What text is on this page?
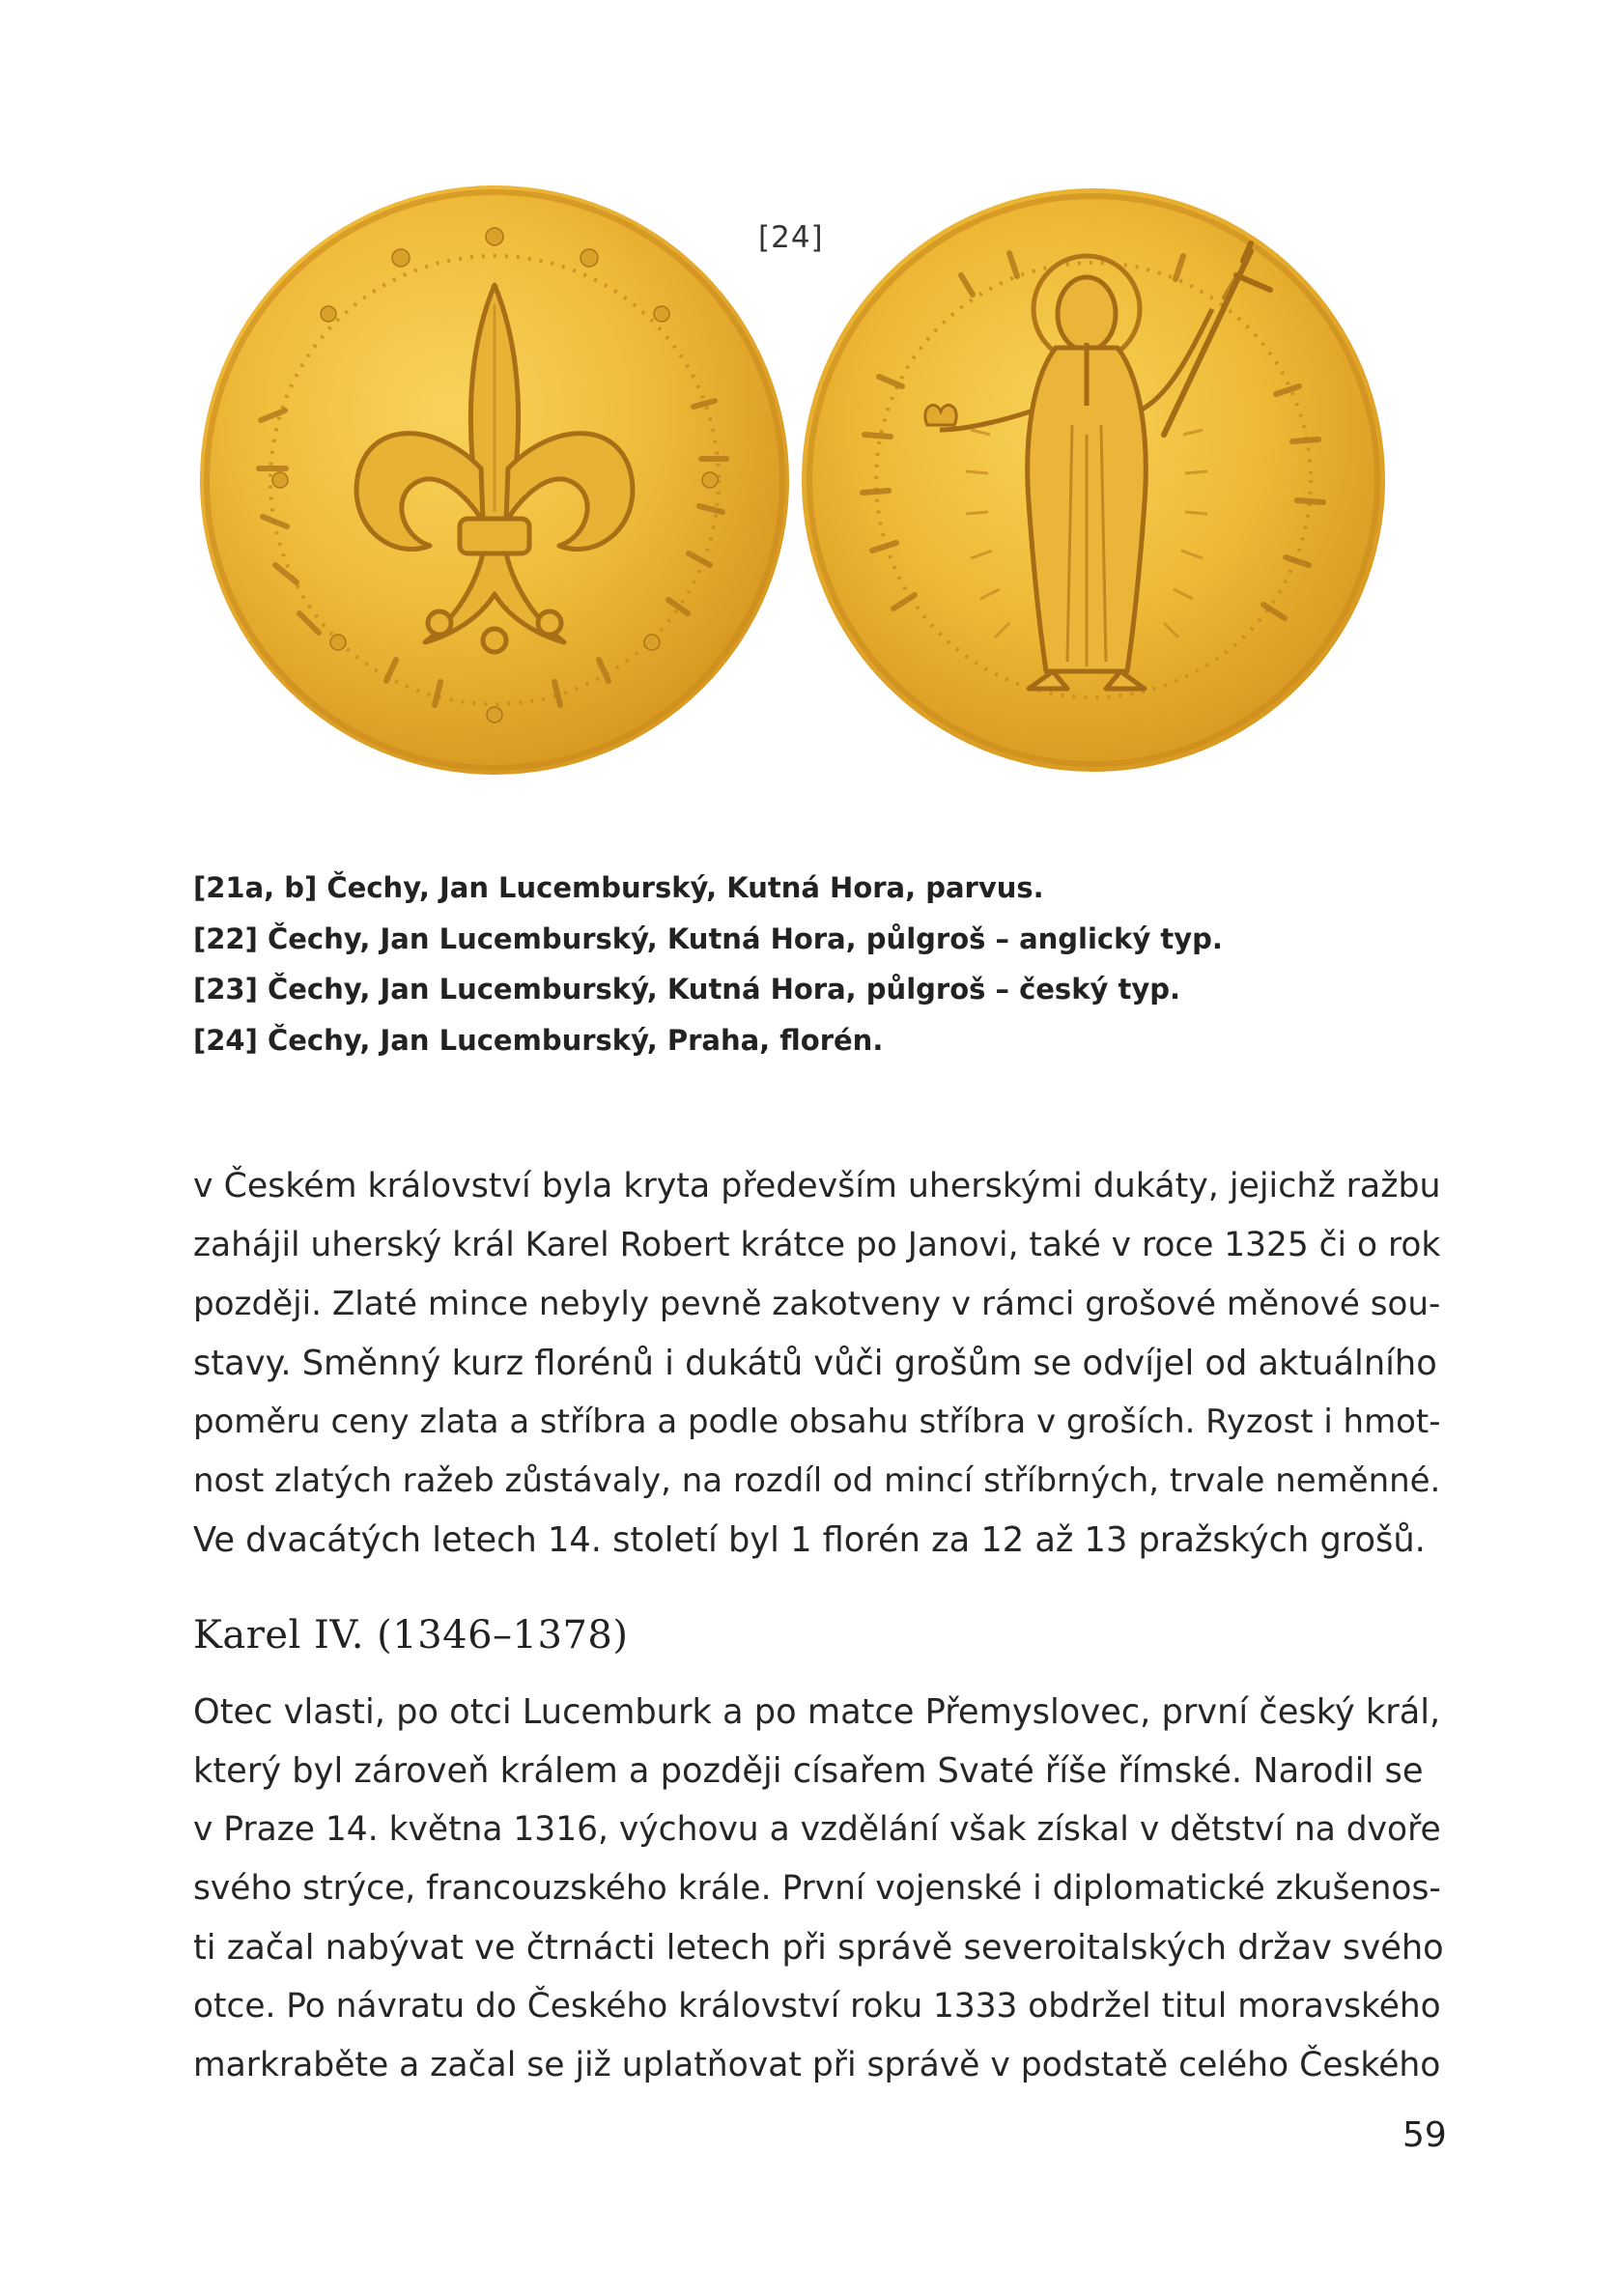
[24]

[21a, b] Čechy, Jan Lucemburský, Kutná Hora, parvus.

[22] Čechy, Jan Lucemburský, Kutná Hora, půlgroš – anglický typ.

[23] Čechy, Jan Lucemburský, Kutná Hora, půlgroš – český typ.

[24] Čechy, Jan Lucemburský, Praha, florén.

v Českém království byla kryta především uherskými dukáty, jejichž ražbu
zahájil uherský král Karel Robert krátce po Janovi, také v roce 1325 či o rok
později. Zlaté mince nebyly pevně zakotveny v rámci grošové měnové sou-
stavy. Směnný kurz florénů i dukátů vůči grošům se odvíjel od aktuálního
poměru ceny zlata a stříbra a podle obsahu stříbra v groších. Ryzost i hmot-
nost zlatých ražeb zůstávaly, na rozdíl od mincí stříbrných, trvale neměnné.
Ve dvacátých letech 14. století byl 1 florén za 12 až 13 pražských grošů.
Karel IV. (1346–1378)
Otec vlasti, po otci Lucemburk a po matce Přemyslovec, první český král,
který byl zároveň králem a později císařem Svaté říše římské. Narodil se
v Praze 14. května 1316, výchovu a vzdělání však získal v dětství na dvoře
svého strýce, francouzského krále. První vojenské i diplomatické zkušenos-
ti začal nabývat ve čtrnácti letech při správě severoitalských držav svého
otce. Po návratu do Českého království roku 1333 obdržel titul moravského
markraběte a začal se již uplatňovat při správě v podstatě celého Českého
59
